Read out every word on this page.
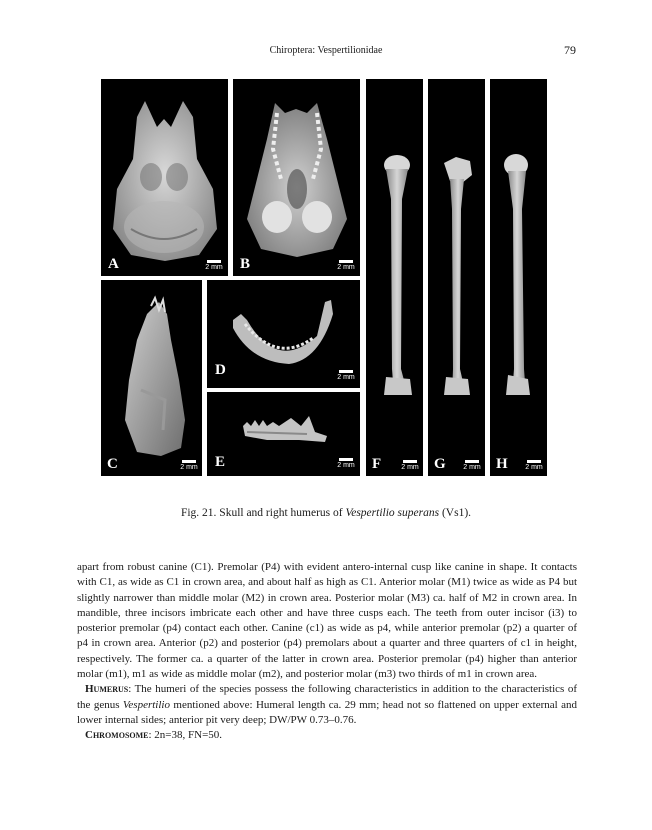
Chiroptera: Vespertilionidae	79
A	2 mm B	2 mm
C	2 mm
D	2 mm
E	2 mm F	2 mm G	2 mm H	2 mm
Fig. 21. Skull and right humerus of Vespertilio superans (Vs1).

apart from robust canine (C1). Premolar (P4) with evident antero-internal cusp like canine in shape. It contacts with C1, as wide as C1 in crown area, and about half as high as C1. Anterior molar (M1) twice as wide as P4 but slightly narrower than middle molar (M2) in crown area. Posterior molar (M3) ca. half of M2 in crown area. In mandible, three incisors imbricate each other and have three cusps each. The teeth from outer incisor (i3) to posterior premolar (p4) contact each other. Canine (c1) as wide as p4, while anterior premolar (p2) a quarter of p4 in crown area. Anterior (p2) and posterior (p4) premolars about a quarter and three quarters of c1 in height, respectively. The former ca. a quarter of the latter in crown area. Posterior premolar (p4) higher than anterior molar (m1), m1 as wide as middle molar (m2), and posterior molar (m3) two thirds of m1 in crown area.

Humerus: The humeri of the species possess the following characteristics in addition to the characteristics of the genus Vespertilio mentioned above: Humeral length ca. 29 mm; head not so flattened on upper external and lower internal sides; anterior pit very deep; DW/PW 0.73–0.76.

Chromosome: 2n=38, FN=50.
